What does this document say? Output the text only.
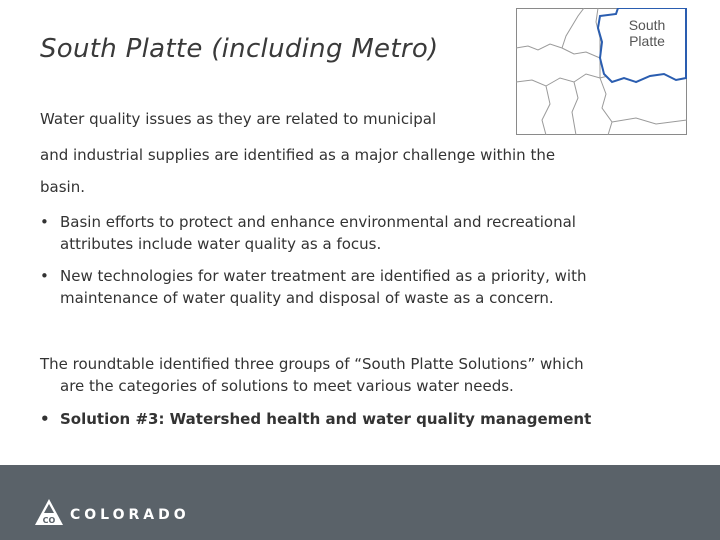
South Platte (including Metro)
South
Platte
Water quality issues as they are related to municipal
and industrial supplies are identified as a major challenge within the
basin.
• Basin efforts to protect and enhance environmental and recreational
attributes include water quality as a focus.
• New technologies for water treatment are identified as a priority, with
maintenance of water quality and disposal of waste as a concern.
The roundtable identified three groups of “South Platte Solutions” which
are the categories of solutions to meet various water needs.
• Solution #3: Watershed health and water quality management
CO COLORADO
